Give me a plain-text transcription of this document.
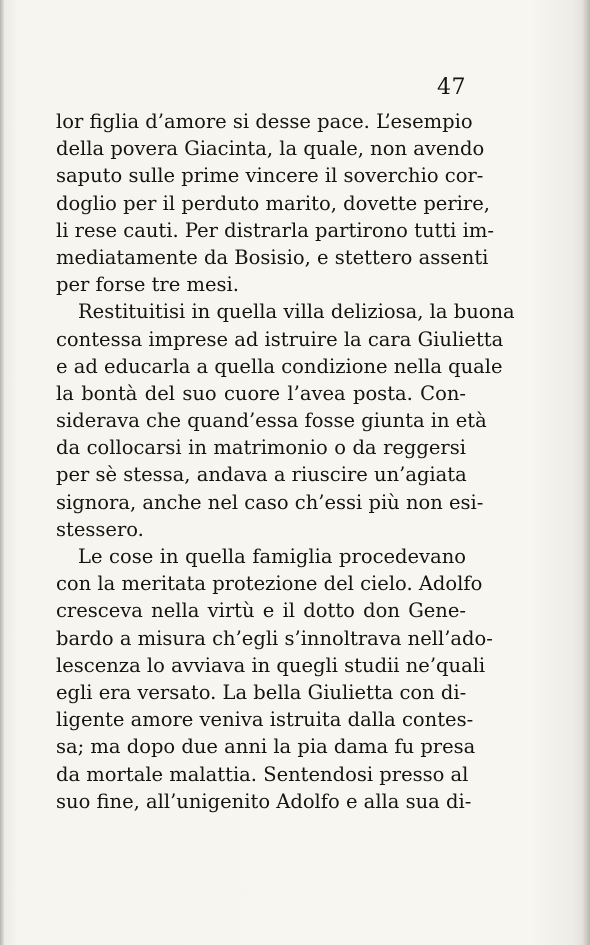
47
lor figlia d’amore si desse pace. L’esempio
della povera Giacinta, la quale, non avendo
saputo sulle prime vincere il soverchio cor-
doglio per il perduto marito, dovette perire,
li rese cauti. Per distrarla partirono tutti im-
mediatamente da Bosisio, e stettero assenti
per forse tre mesi.
Restituitisi in quella villa deliziosa, la buona
contessa imprese ad istruire la cara Giulietta
e ad educarla a quella condizione nella quale
la bontà del suo cuore l’avea posta. Con-
siderava che quand’essa fosse giunta in età
da collocarsi in matrimonio o da reggersi
per sè stessa, andava a riuscire un’agiata
signora, anche nel caso ch’essi più non esi-
stessero.
Le cose in quella famiglia procedevano
con la meritata protezione del cielo. Adolfo
cresceva nella virtù e il dotto don Gene-
bardo a misura ch’egli s’innoltrava nell’ado-
lescenza lo avviava in quegli studii ne’quali
egli era versato. La bella Giulietta con di-
ligente amore veniva istruita dalla contes-
sa; ma dopo due anni la pia dama fu presa
da mortale malattia. Sentendosi presso al
suo fine, all’unigenito Adolfo e alla sua di-
